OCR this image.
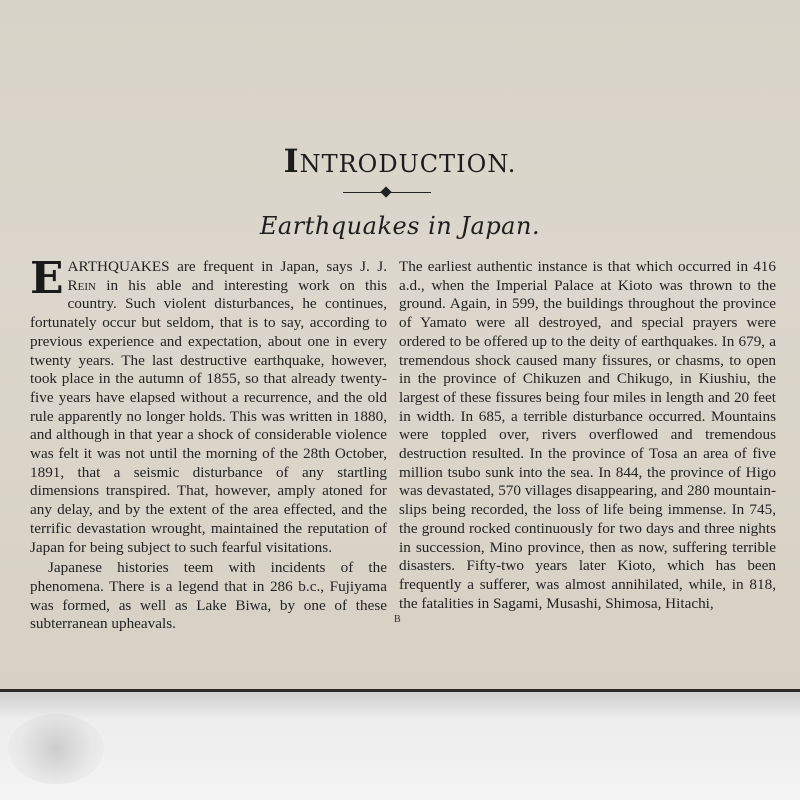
INTRODUCTION.
Earthquakes in Japan.

EARTHQUAKES are frequent in Japan, says J. J. Rein in his able and interesting work on this country. Such violent disturbances, he continues, fortunately occur but seldom, that is to say, according to previous experience and expectation, about one in every twenty years. The last destructive earthquake, however, took place in the autumn of 1855, so that already twenty-five years have elapsed without a recurrence, and the old rule apparently no longer holds. This was written in 1880, and although in that year a shock of considerable violence was felt it was not until the morning of the 28th October, 1891, that a seismic disturbance of any startling dimensions transpired. That, however, amply atoned for any delay, and by the extent of the area effected, and the terrific devastation wrought, maintained the reputation of Japan for being subject to such fearful visitations.

Japanese histories teem with incidents of the phenomena. There is a legend that in 286 b.c., Fujiyama was formed, as well as Lake Biwa, by one of these subterranean upheavals.

The earliest authentic instance is that which occurred in 416 a.d., when the Imperial Palace at Kioto was thrown to the ground. Again, in 599, the buildings throughout the province of Yamato were all destroyed, and special prayers were ordered to be offered up to the deity of earthquakes. In 679, a tremendous shock caused many fissures, or chasms, to open in the province of Chikuzen and Chikugo, in Kiushiu, the largest of these fissures being four miles in length and 20 feet in width. In 685, a terrible disturbance occurred. Mountains were toppled over, rivers overflowed and tremendous destruction resulted. In the province of Tosa an area of five million tsubo sunk into the sea. In 844, the province of Higo was devastated, 570 villages disappearing, and 280 mountain-slips being recorded, the loss of life being immense. In 745, the ground rocked continuously for two days and three nights in succession, Mino province, then as now, suffering terrible disasters. Fifty-two years later Kioto, which has been frequently a sufferer, was almost annihilated, while, in 818, the fatalities in Sagami, Musashi, Shimosa, Hitachi,

B
